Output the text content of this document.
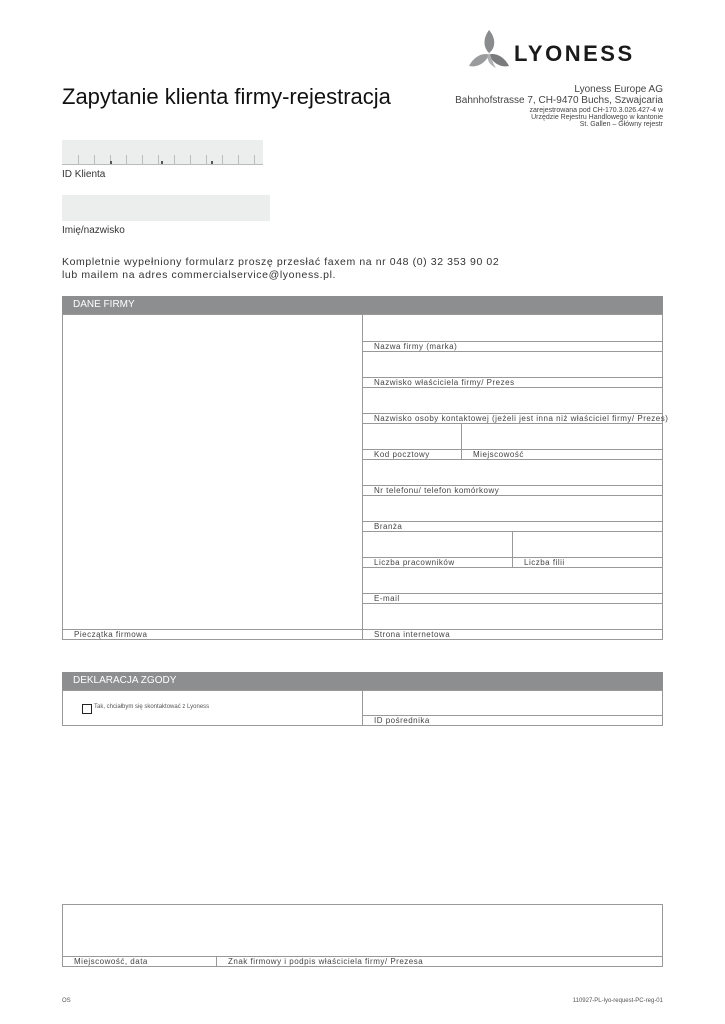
Zapytanie klienta firmy-rejestracja
LYONESS
Lyoness Europe AG
Bahnhofstrasse 7, CH-9470 Buchs, Szwajcaria
zarejestrowana pod CH-170.3.026.427-4 w
Urzędzie Rejestru Handlowego w kantonie
St. Gallen – Główny rejestr
ID Klienta
Imię/nazwisko
Kompletnie wypełniony formularz proszę przesłać faxem na nr 048 (0) 32 353 90 02
lub mailem na adres commercialservice@lyoness.pl.
DANE FIRMY
Pieczątka firmowa
Nazwa firmy (marka)
Nazwisko właściciela firmy/ Prezes
Nazwisko osoby kontaktowej (jeżeli jest inna niż właściciel firmy/ Prezes)
Kod pocztowy	Miejscowość
Nr telefonu/ telefon komórkowy
Branża
Liczba pracowników	Liczba filii
E-mail
Strona internetowa
DEKLARACJA ZGODY
Tak, chciałbym się skontaktować z Lyoness
ID pośrednika
Miejscowość, data	Znak firmowy i podpis właściciela firmy/ Prezesa
OS	110927-PL-lyo-request-PC-reg-01
